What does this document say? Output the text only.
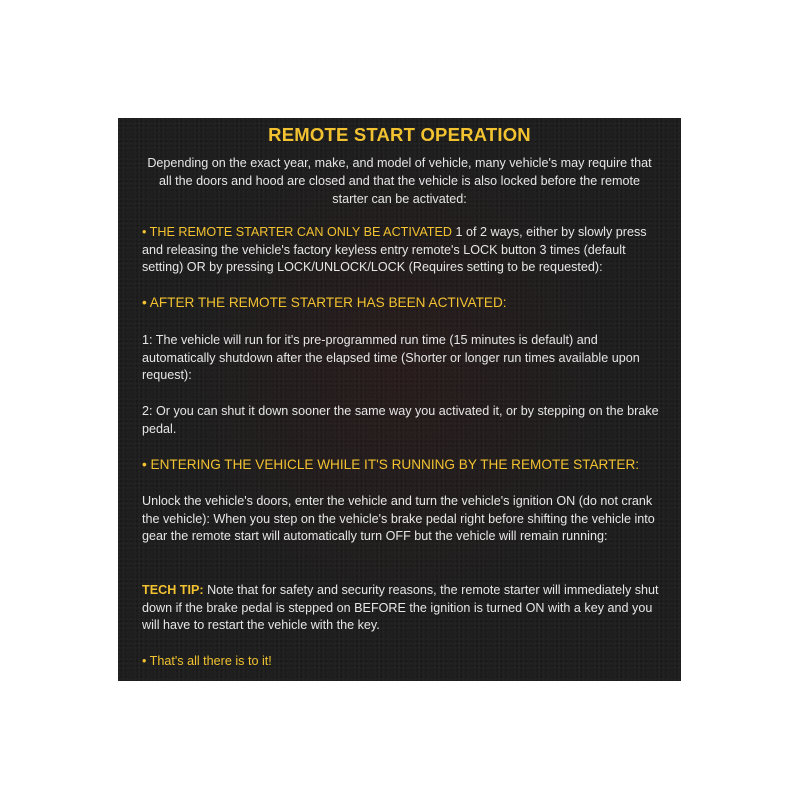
REMOTE START OPERATION
Depending on the exact year, make, and model of vehicle, many vehicle's may require that all the doors and hood are closed and that the vehicle is also locked before the remote starter can be activated:
• THE REMOTE STARTER CAN ONLY BE ACTIVATED 1 of 2 ways, either by slowly press and releasing the vehicle's factory keyless entry remote's LOCK button 3 times (default setting) OR by pressing LOCK/UNLOCK/LOCK (Requires setting to be requested):
• AFTER THE REMOTE STARTER HAS BEEN ACTIVATED:
1: The vehicle will run for it's pre-programmed run time (15 minutes is default) and automatically shutdown after the elapsed time (Shorter or longer run times available upon request):
2: Or you can shut it down sooner the same way you activated it, or by stepping on the brake pedal.
• ENTERING THE VEHICLE WHILE IT'S RUNNING BY THE REMOTE STARTER:
Unlock the vehicle's doors, enter the vehicle and turn the vehicle's ignition ON (do not crank the vehicle): When you step on the vehicle's brake pedal right before shifting the vehicle into gear the remote start will automatically turn OFF but the vehicle will remain running:
TECH TIP: Note that for safety and security reasons, the remote starter will immediately shut down if the brake pedal is stepped on BEFORE the ignition is turned ON with a key and you will have to restart the vehicle with the key.
• That's all there is to it!
